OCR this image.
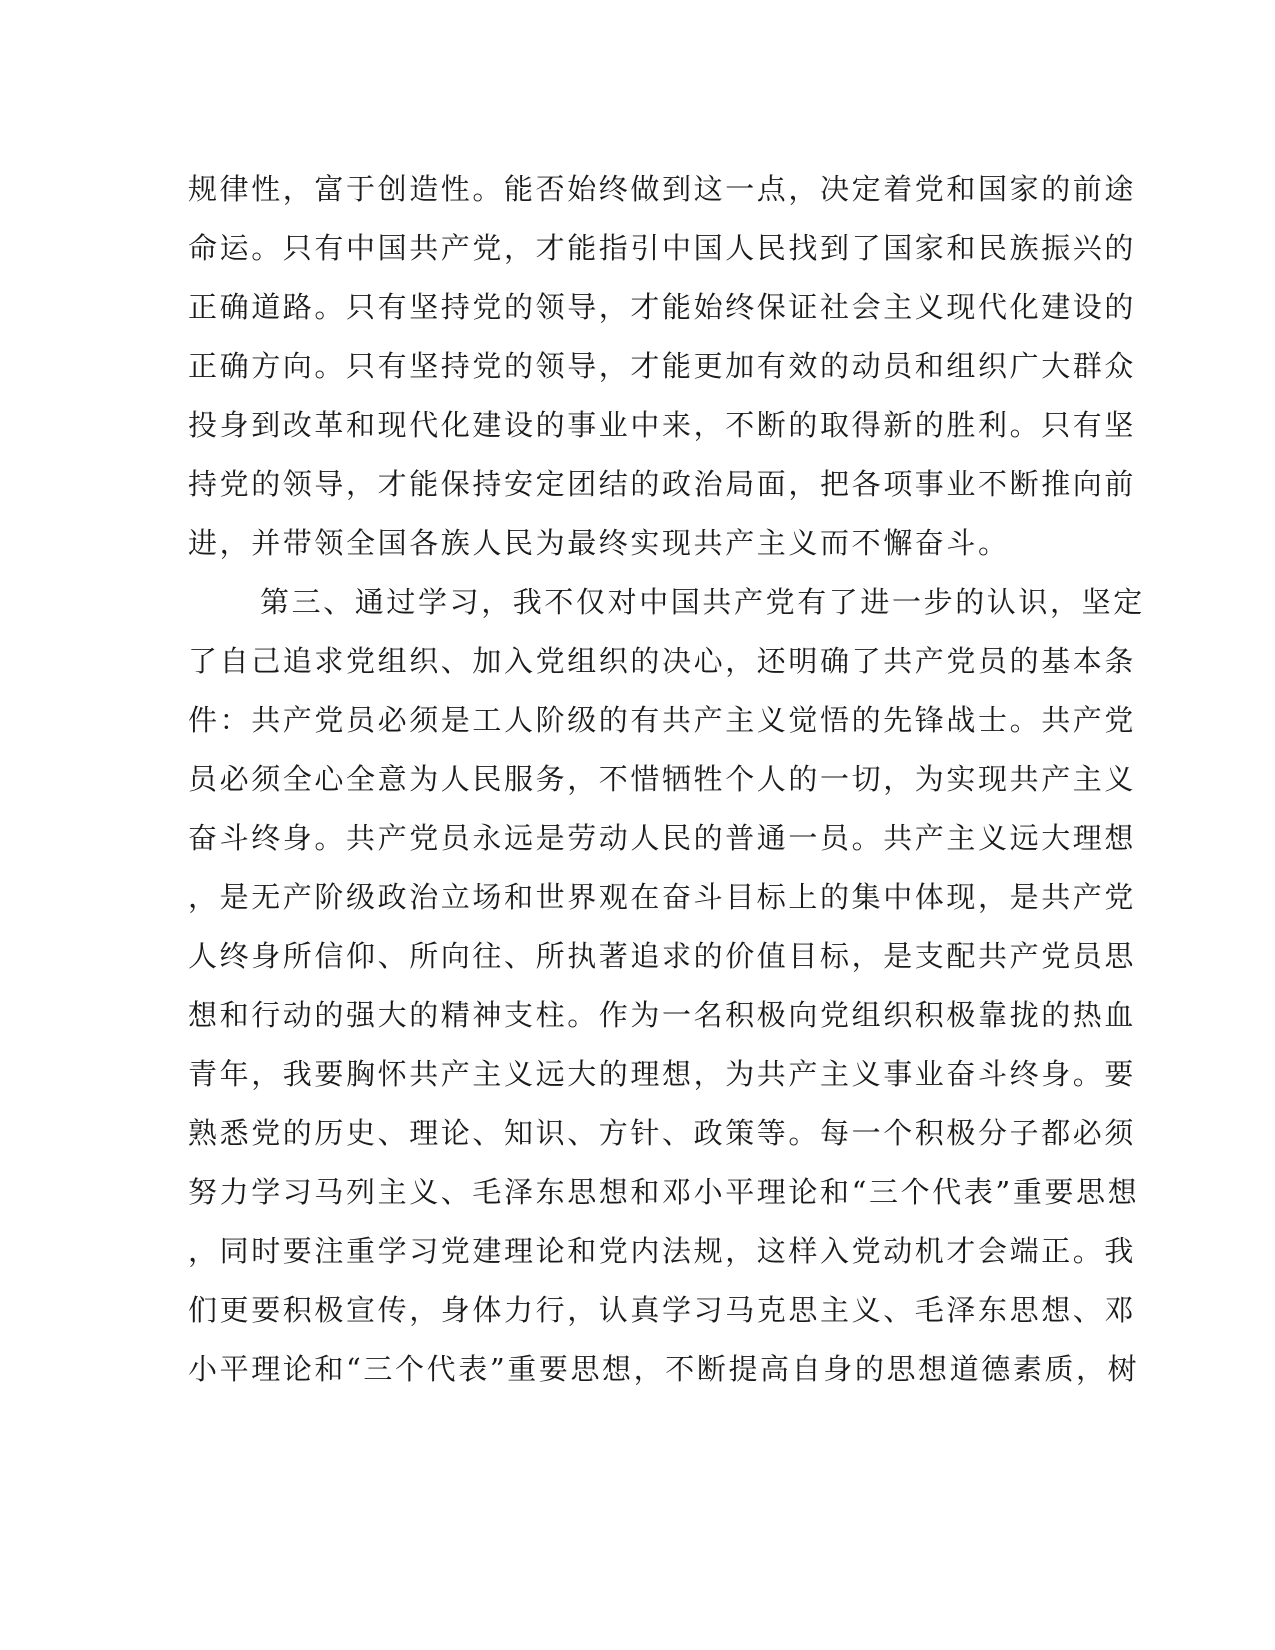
规律性，富于创造性。能否始终做到这一点，决定着党和国家的前途
命运。只有中国共产党，才能指引中国人民找到了国家和民族振兴的
正确道路。只有坚持党的领导，才能始终保证社会主义现代化建设的
正确方向。只有坚持党的领导，才能更加有效的动员和组织广大群众
投身到改革和现代化建设的事业中来，不断的取得新的胜利。只有坚
持党的领导，才能保持安定团结的政治局面，把各项事业不断推向前
进，并带领全国各族人民为最终实现共产主义而不懈奋斗。
第三、通过学习，我不仅对中国共产党有了进一步的认识，坚定
了自己追求党组织、加入党组织的决心，还明确了共产党员的基本条
件：共产党员必须是工人阶级的有共产主义觉悟的先锋战士。共产党
员必须全心全意为人民服务，不惜牺牲个人的一切，为实现共产主义
奋斗终身。共产党员永远是劳动人民的普通一员。共产主义远大理想
，是无产阶级政治立场和世界观在奋斗目标上的集中体现，是共产党
人终身所信仰、所向往、所执著追求的价值目标，是支配共产党员思
想和行动的强大的精神支柱。作为一名积极向党组织积极靠拢的热血
青年，我要胸怀共产主义远大的理想，为共产主义事业奋斗终身。要
熟悉党的历史、理论、知识、方针、政策等。每一个积极分子都必须
努力学习马列主义、毛泽东思想和邓小平理论和“三个代表”重要思想
，同时要注重学习党建理论和党内法规，这样入党动机才会端正。我
们更要积极宣传，身体力行，认真学习马克思主义、毛泽东思想、邓
小平理论和“三个代表”重要思想，不断提高自身的思想道德素质，树
